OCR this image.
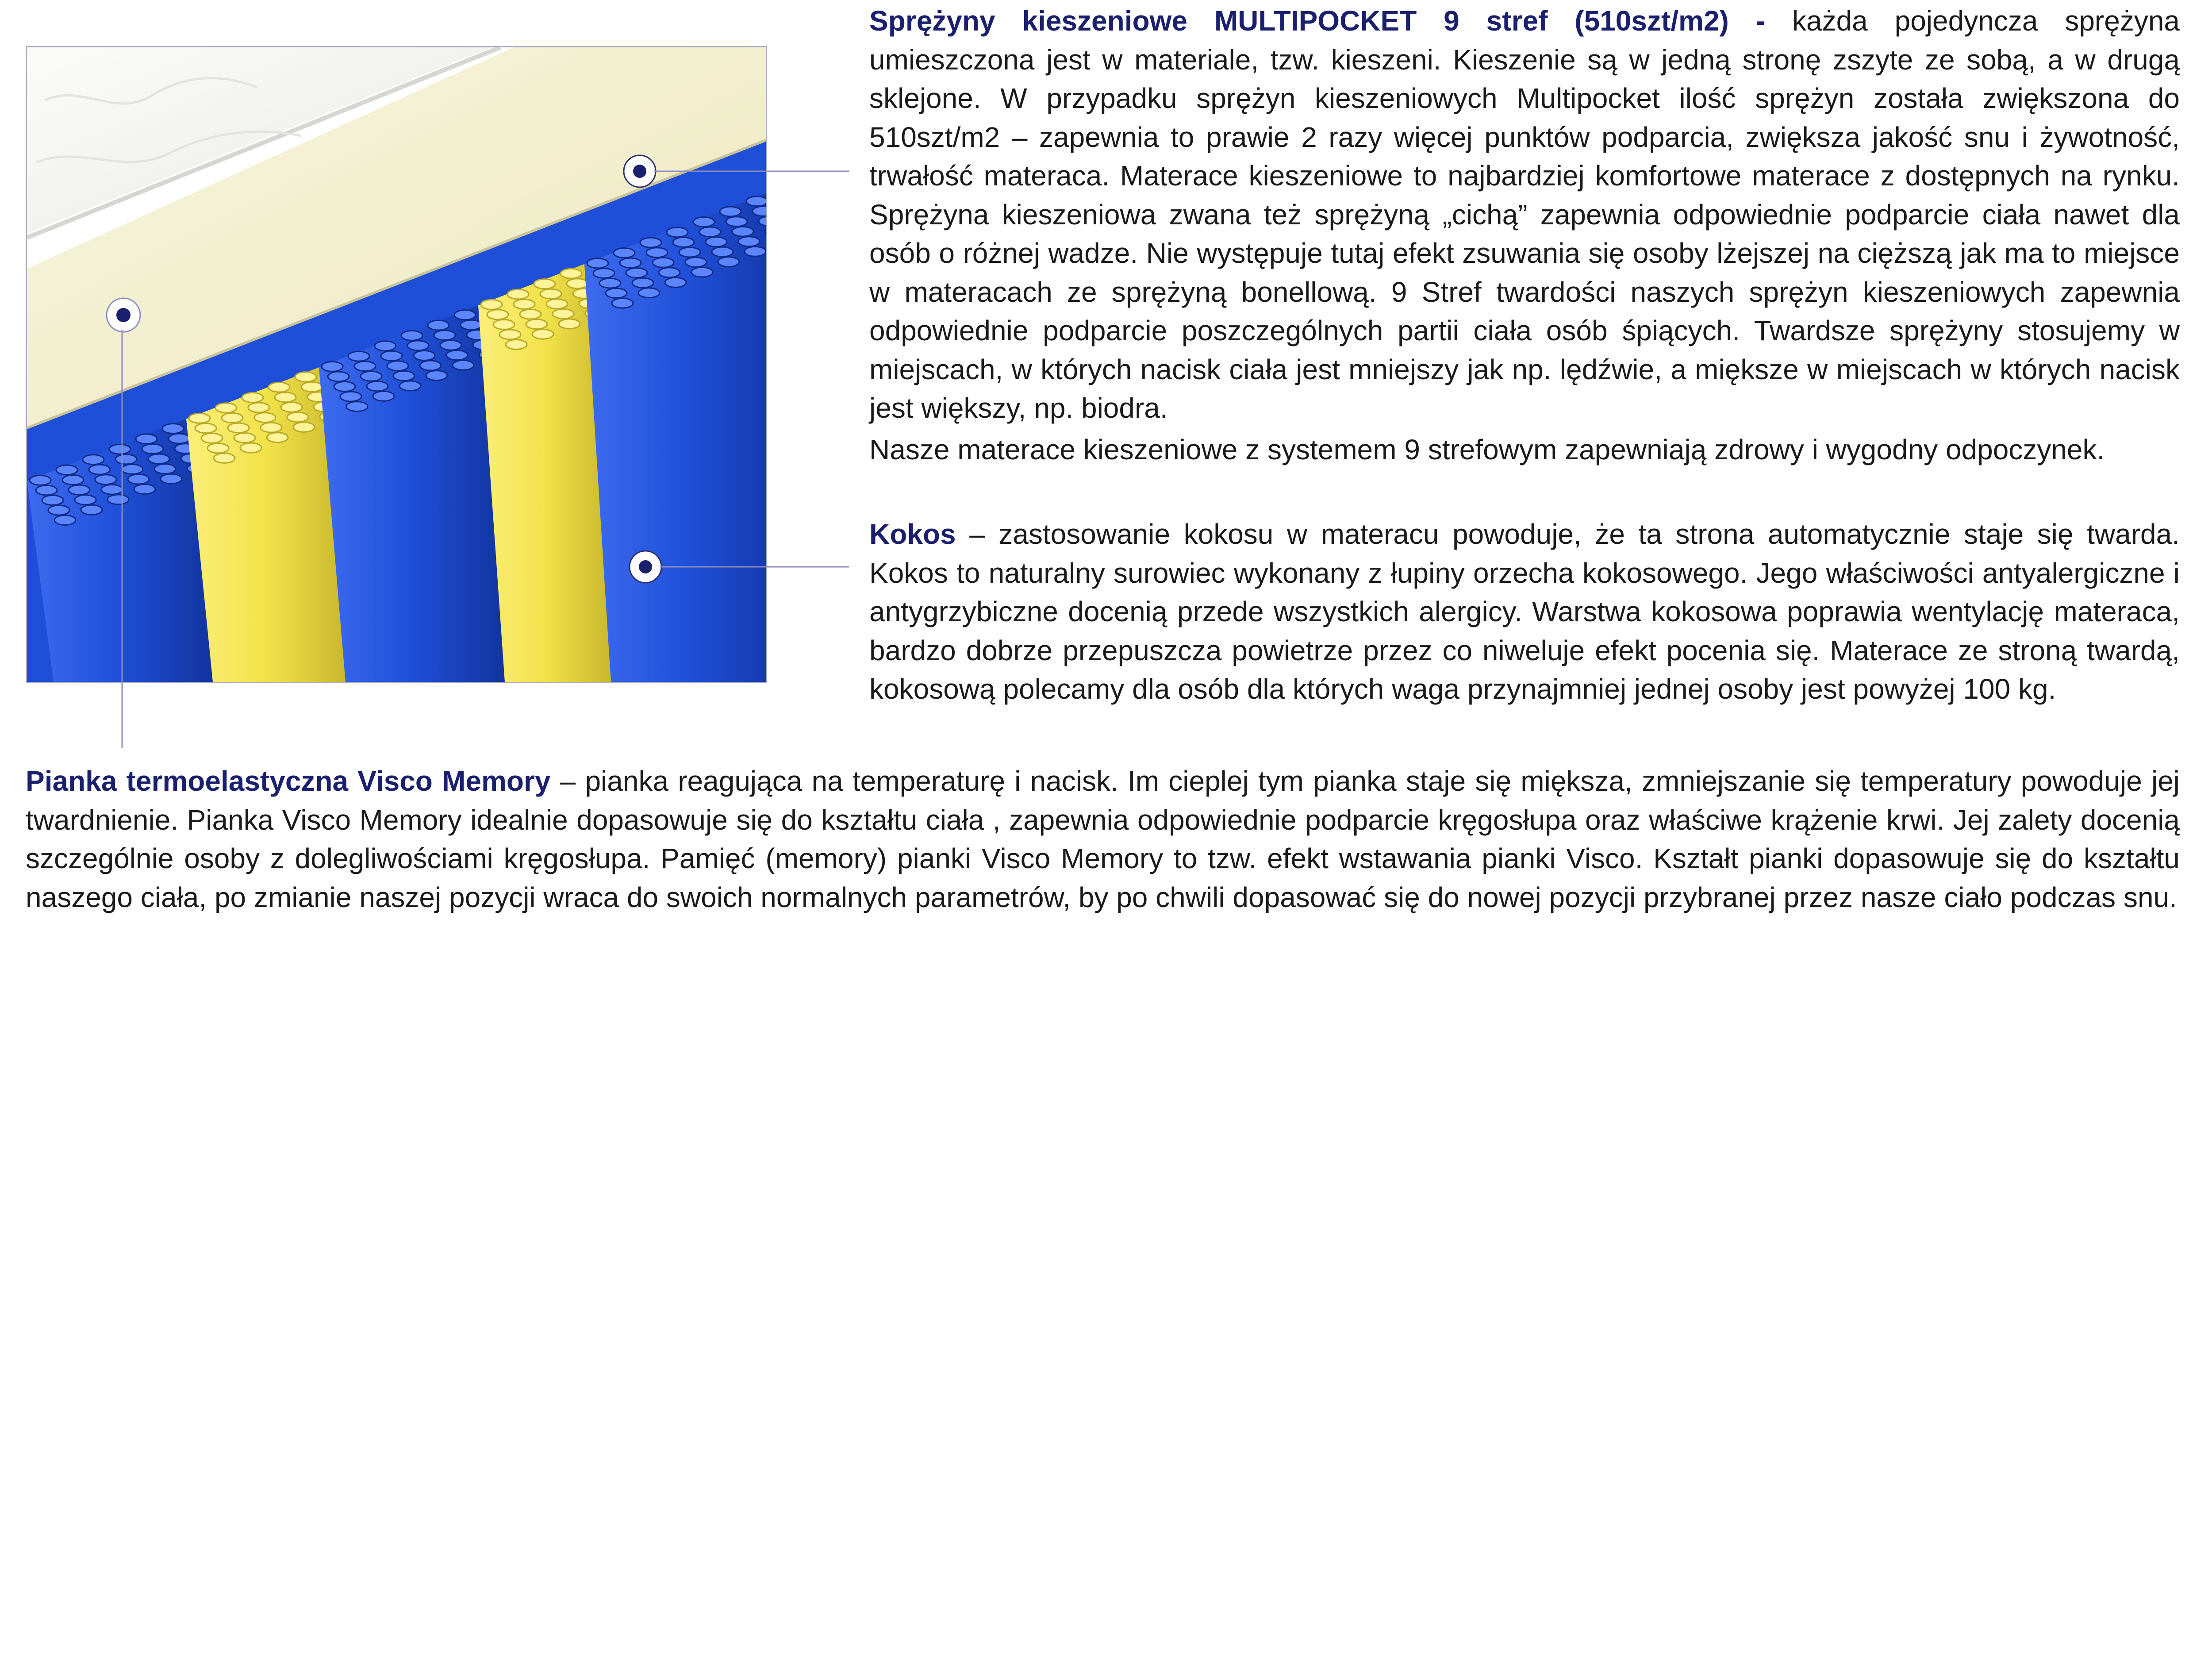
Sprężyny kieszeniowe MULTIPOCKET 9 stref (510szt/m2) - każda pojedyncza sprężyna umieszczona jest w materiale, tzw. kieszeni. Kieszenie są w jedną stronę zszyte ze sobą, a w drugą sklejone. W przypadku sprężyn kieszeniowych Multipocket ilość sprężyn została zwiększona do 510szt/m2 – zapewnia to prawie 2 razy więcej punktów podparcia, zwiększa jakość snu i żywotność, trwałość materaca. Materace kieszeniowe to najbardziej komfortowe materace z dostępnych na rynku. Sprężyna kieszeniowa zwana też sprężyną „cichą” zapewnia odpowiednie podparcie ciała nawet dla osób o różnej wadze. Nie występuje tutaj efekt zsuwania się osoby lżejszej na cięższą jak ma to miejsce w materacach ze sprężyną bonellową. 9 Stref twardości naszych sprężyn kieszeniowych zapewnia odpowiednie podparcie poszczególnych partii ciała osób śpiących. Twardsze sprężyny stosujemy w miejscach, w których nacisk ciała jest mniejszy jak np. lędźwie, a miększe w miejscach w których nacisk jest większy, np. biodra.
Nasze materace kieszeniowe z systemem 9 strefowym zapewniają zdrowy i wygodny odpoczynek.
Kokos – zastosowanie kokosu w materacu powoduje, że ta strona automatycznie staje się twarda. Kokos to naturalny surowiec wykonany z łupiny orzecha kokosowego. Jego właściwości antyalergiczne i antygrzybiczne docenią przede wszystkich alergicy. Warstwa kokosowa poprawia wentylację materaca, bardzo dobrze przepuszcza powietrze przez co niweluje efekt pocenia się. Materace ze stroną twardą, kokosową polecamy dla osób dla których waga przynajmniej jednej osoby jest powyżej 100 kg.
Pianka termoelastyczna Visco Memory – pianka reagująca na temperaturę i nacisk. Im cieplej tym pianka staje się miększa, zmniejszanie się temperatury powoduje jej twardnienie. Pianka Visco Memory idealnie dopasowuje się do kształtu ciała , zapewnia odpowiednie podparcie kręgosłupa oraz właściwe krążenie krwi. Jej zalety docenią szczególnie osoby z dolegliwościami kręgosłupa. Pamięć (memory) pianki Visco Memory to tzw. efekt wstawania pianki Visco. Kształt pianki dopasowuje się do kształtu naszego ciała, po zmianie naszej pozycji wraca do swoich normalnych parametrów, by po chwili dopasować się do nowej pozycji przybranej przez nasze ciało podczas snu.
